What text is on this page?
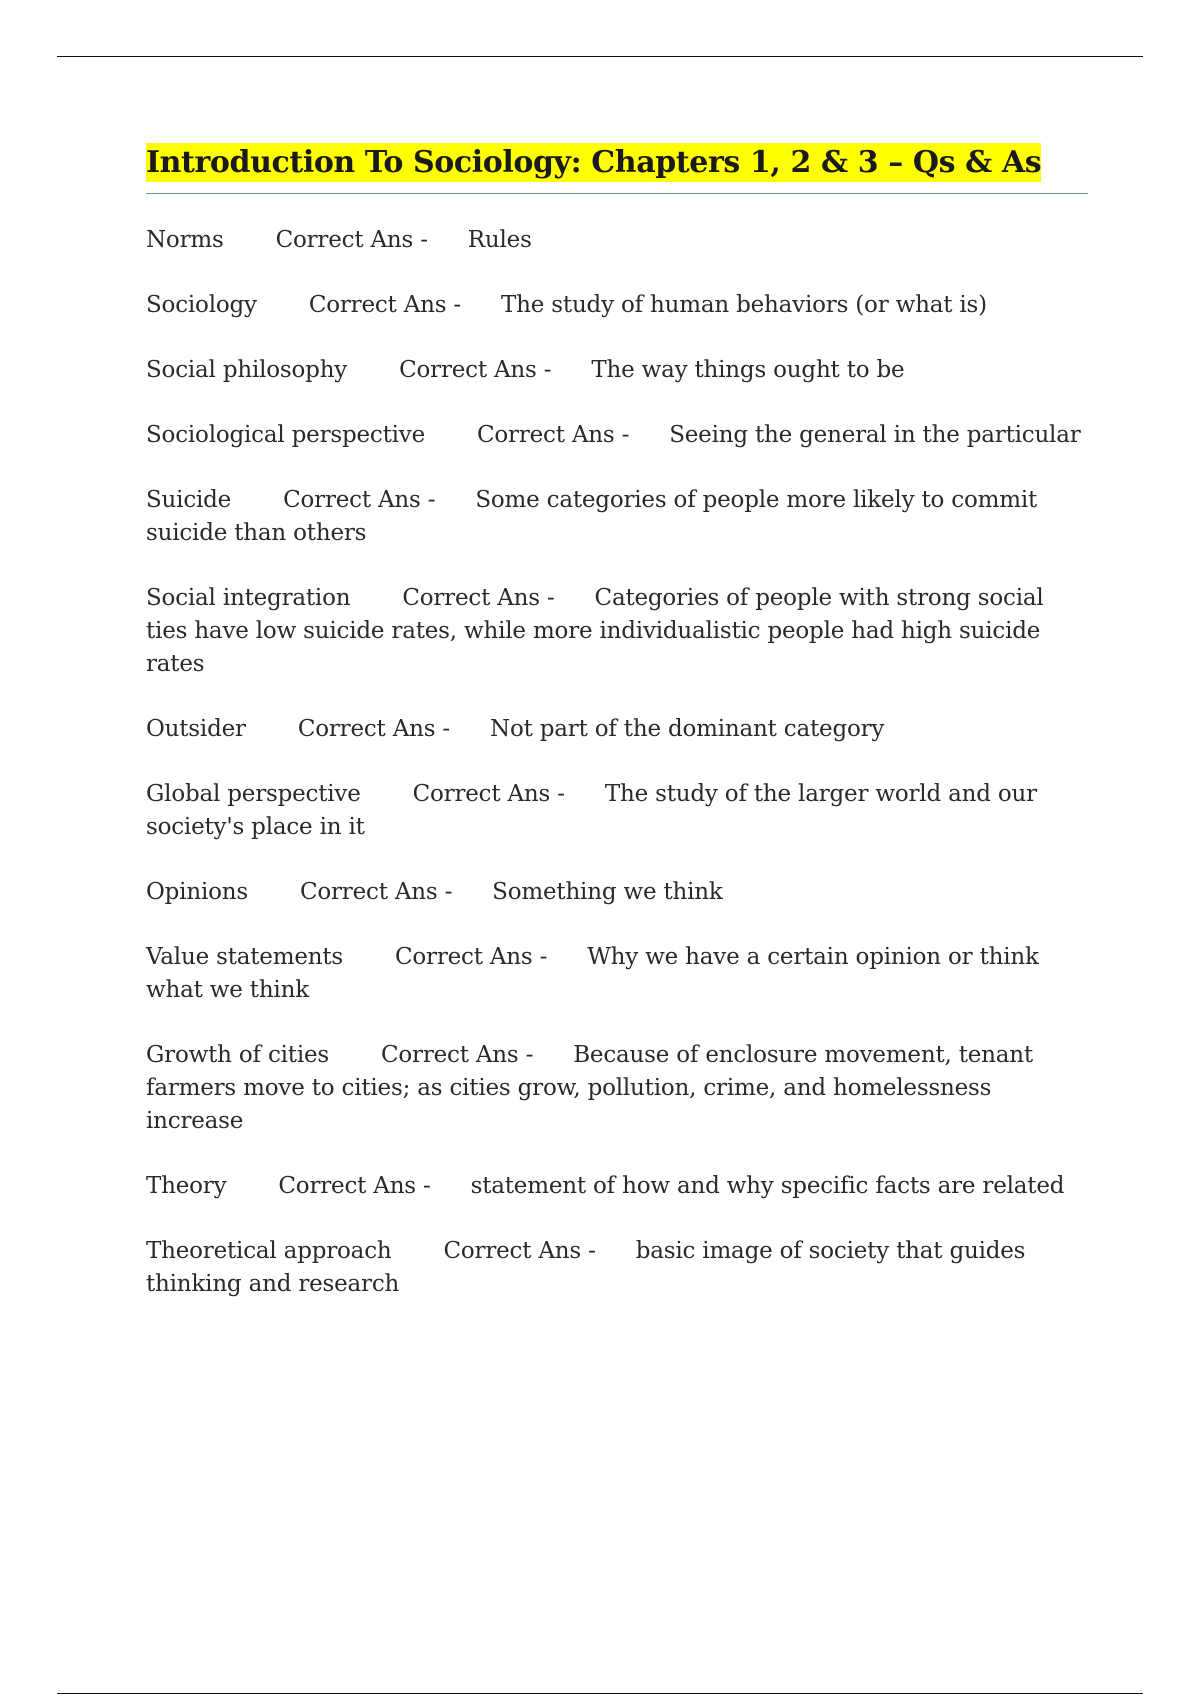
Introduction To Sociology: Chapters 1, 2 & 3 – Qs & As

Norms Correct Ans - Rules

Sociology Correct Ans - The study of human behaviors (or what is)

Social philosophy Correct Ans - The way things ought to be

Sociological perspective Correct Ans - Seeing the general in the particular

Suicide Correct Ans - Some categories of people more likely to commit suicide than others

Social integration Correct Ans - Categories of people with strong social ties have low suicide rates, while more individualistic people had high suicide rates

Outsider Correct Ans - Not part of the dominant category

Global perspective Correct Ans - The study of the larger world and our society's place in it

Opinions Correct Ans - Something we think

Value statements Correct Ans - Why we have a certain opinion or think what we think

Growth of cities Correct Ans - Because of enclosure movement, tenant farmers move to cities; as cities grow, pollution, crime, and homelessness increase

Theory Correct Ans - statement of how and why specific facts are related

Theoretical approach Correct Ans - basic image of society that guides thinking and research
